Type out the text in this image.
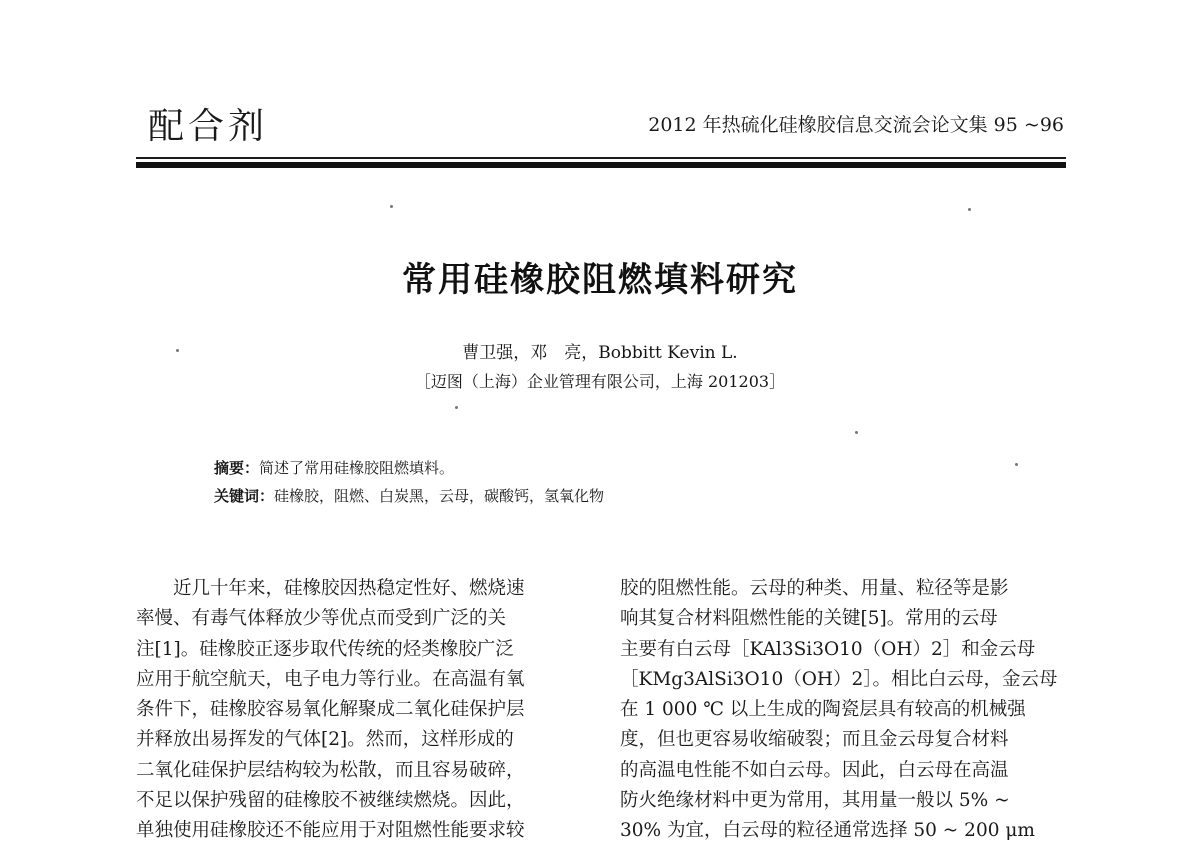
配合剂	2012 年热硫化硅橡胶信息交流会论文集 95 ~96
常用硅橡胶阻燃填料研究
曹卫强，邓　亮，Bobbitt Kevin L.
［迈图（上海）企业管理有限公司，上海 201203］
摘要：简述了常用硅橡胶阻燃填料。
关键词：硅橡胶，阻燃、白炭黑，云母，碳酸钙，氢氧化物
　　近几十年来，硅橡胶因热稳定性好、燃烧速
率慢、有毒气体释放少等优点而受到广泛的关
注[1]。硅橡胶正逐步取代传统的烃类橡胶广泛
应用于航空航天，电子电力等行业。在高温有氧
条件下，硅橡胶容易氧化解聚成二氧化硅保护层
并释放出易挥发的气体[2]。然而，这样形成的
二氧化硅保护层结构较为松散，而且容易破碎，
不足以保护残留的硅橡胶不被继续燃烧。因此，
单独使用硅橡胶还不能应用于对阻燃性能要求较
胶的阻燃性能。云母的种类、用量、粒径等是影
响其复合材料阻燃性能的关键[5]。常用的云母
主要有白云母［KAl3Si3O10（OH）2］和金云母
［KMg3AlSi3O10（OH）2］。相比白云母，金云母
在 1 000 ℃ 以上生成的陶瓷层具有较高的机械强
度，但也更容易收缩破裂；而且金云母复合材料
的高温电性能不如白云母。因此，白云母在高温
防火绝缘材料中更为常用，其用量一般以 5% ~
30% 为宜，白云母的粒径通常选择 50 ~ 200 μm
